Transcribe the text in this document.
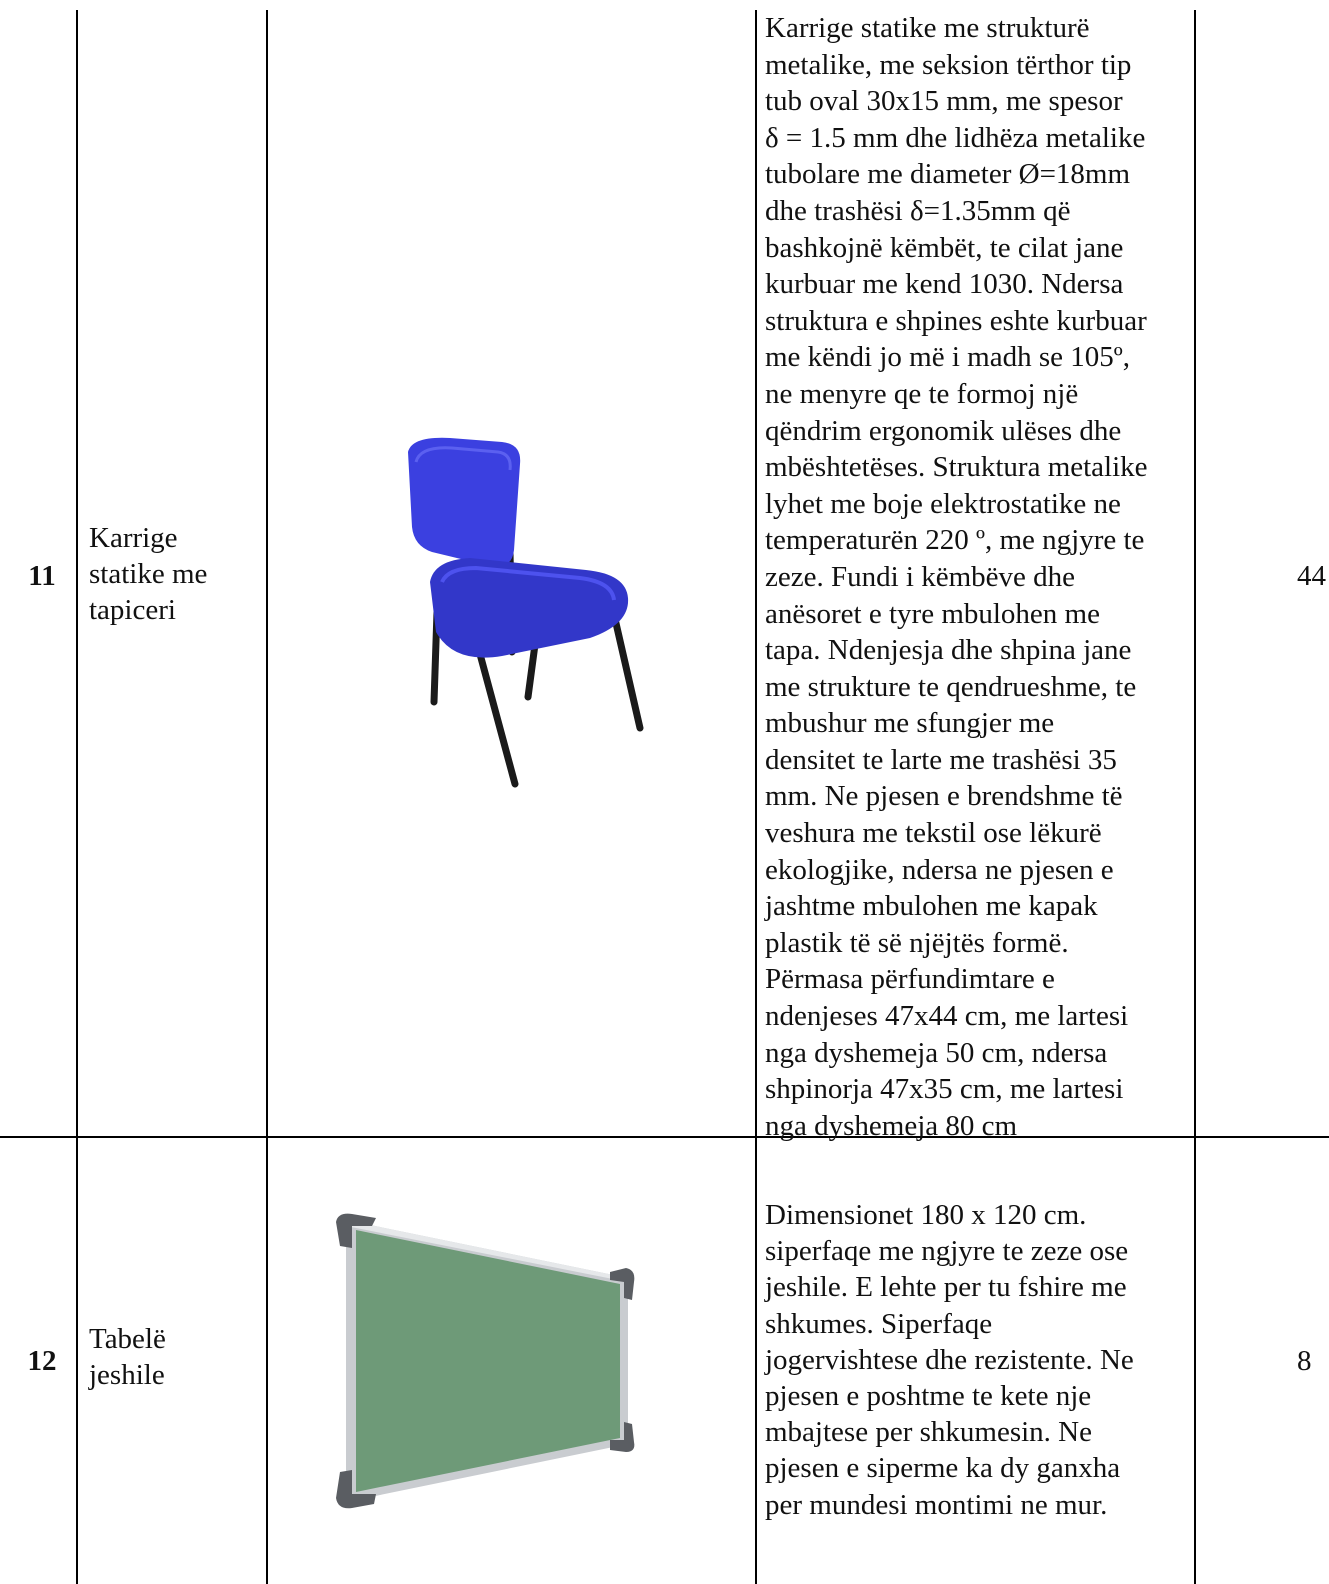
11
Karrige
statike me
tapiceri
Karrige statike me strukturë
metalike, me seksion tërthor tip
tub oval 30x15 mm, me spesor
δ = 1.5 mm dhe lidhëza metalike
tubolare me diameter Ø=18mm
dhe trashësi δ=1.35mm që
bashkojnë këmbët, te cilat jane
kurbuar me kend 1030. Ndersa
struktura e shpines eshte kurbuar
me këndi jo më i madh se 105º,
ne menyre qe te formoj një
qëndrim ergonomik ulëses dhe
mbështetëses. Struktura metalike
lyhet me boje elektrostatike ne
temperaturën 220 º, me ngjyre te
zeze. Fundi i këmbëve dhe
anësoret e tyre mbulohen me
tapa. Ndenjesja dhe shpina jane
me strukture te qendrueshme, te
mbushur me sfungjer me
densitet te larte me trashësi 35
mm. Ne pjesen e brendshme të
veshura me tekstil ose lëkurë
ekologjike, ndersa ne pjesen e
jashtme mbulohen me kapak
plastik të së njëjtës formë.
Përmasa përfundimtare e
ndenjeses 47x44 cm, me lartesi
nga dyshemeja 50 cm, ndersa
shpinorja 47x35 cm, me lartesi
nga dyshemeja 80 cm
44
12
Tabelë
jeshile
Dimensionet 180 x 120 cm.
siperfaqe me ngjyre te zeze ose
jeshile. E lehte per tu fshire me
shkumes. Siperfaqe
jogervishtese dhe rezistente. Ne
pjesen e poshtme te kete nje
mbajtese per shkumesin. Ne
pjesen e siperme ka dy ganxha
per mundesi montimi ne mur.
8
